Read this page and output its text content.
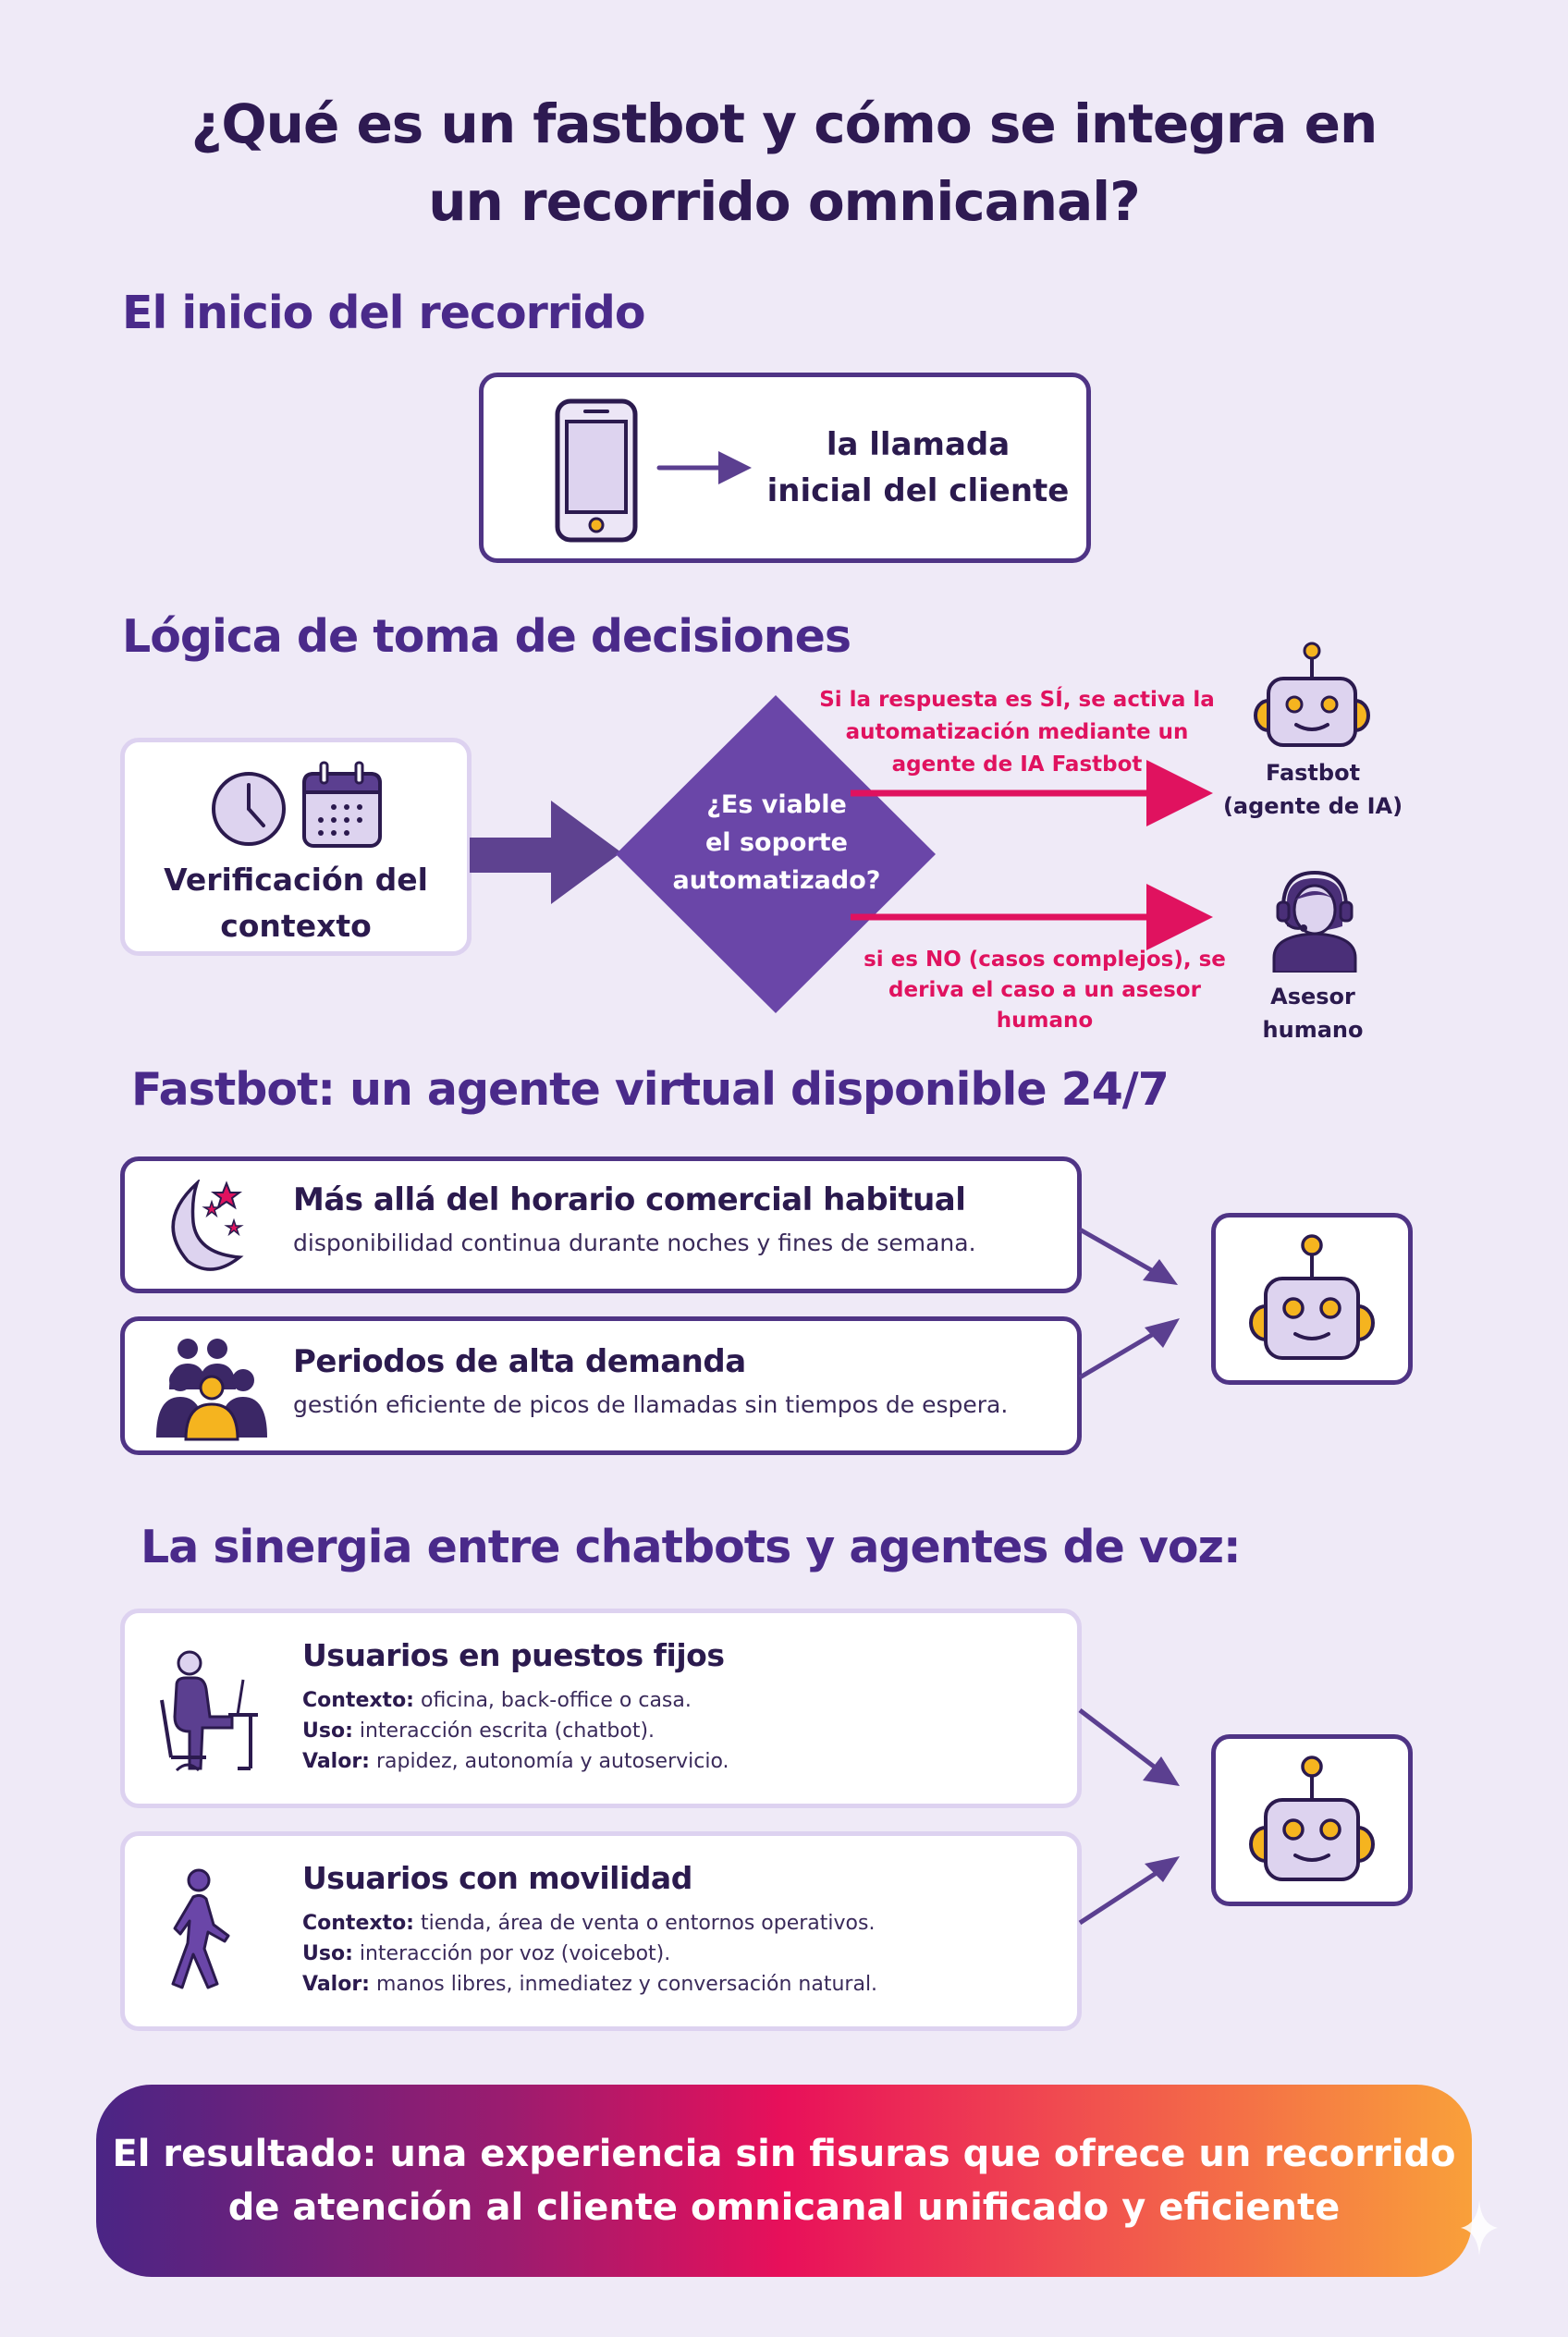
¿Qué es un fastbot y cómo se integra en un recorrido omnicanal?
El inicio del recorrido
la llamada
inicial del cliente
Lógica de toma de decisiones
Verificación del
contexto
¿Es viable
el soporte
automatizado?
Si la respuesta es SÍ, se activa la
automatización mediante un
agente de IA Fastbot
si es NO (casos complejos), se
deriva el caso a un asesor
humano
Fastbot
(agente de IA)
Asesor
humano
Fastbot: un agente virtual disponible 24/7
Más allá del horario comercial habitual
disponibilidad continua durante noches y fines de semana.
Periodos de alta demanda
gestión eficiente de picos de llamadas sin tiempos de espera.
La sinergia entre chatbots y agentes de voz:
Usuarios en puestos fijos
Contexto: oficina, back-office o casa.
Uso: interacción escrita (chatbot).
Valor: rapidez, autonomía y autoservicio.
Usuarios con movilidad
Contexto: tienda, área de venta o entornos operativos.
Uso: interacción por voz (voicebot).
Valor: manos libres, inmediatez y conversación natural.
El resultado: una experiencia sin fisuras que ofrece un recorrido
de atención al cliente omnicanal unificado y eficiente
